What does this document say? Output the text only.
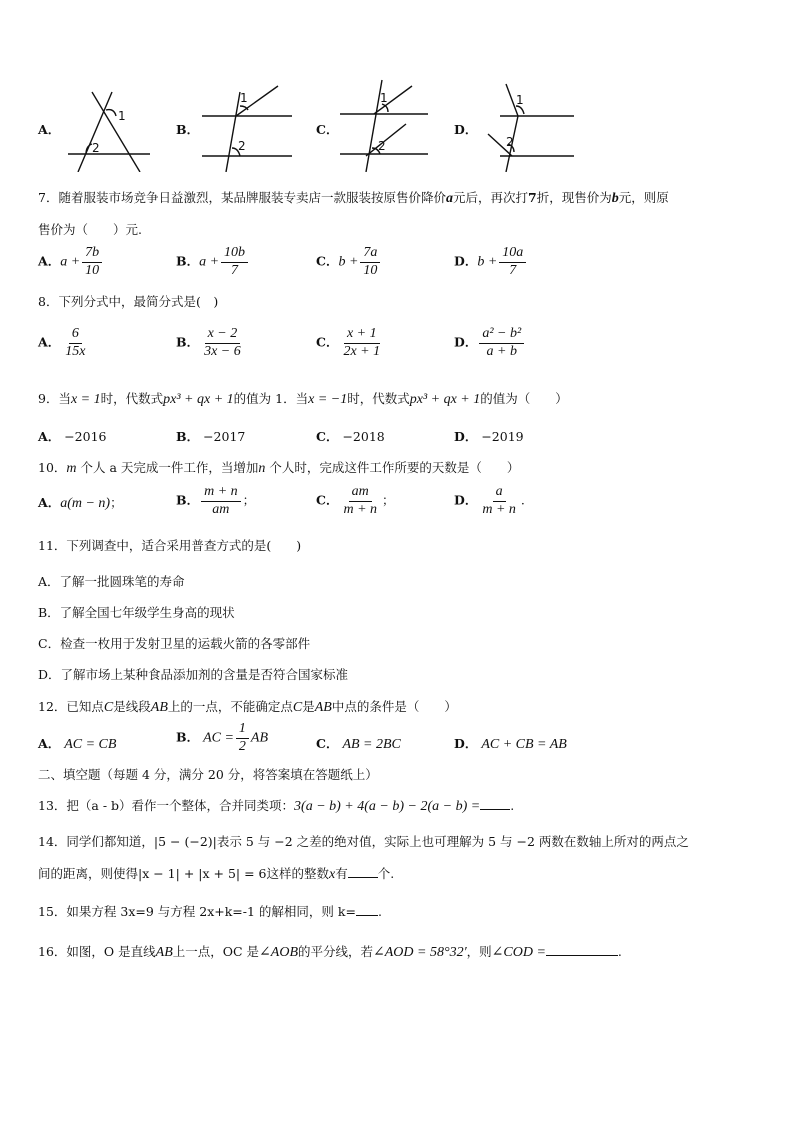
A．
1
2
B．
1
2
C．
1
2
D．
1
2
7．随着服装市场竞争日益激烈，某品牌服装专卖店一款服装按原售价降价a元后，再次打7折，现售价为b元，则原
售价为（　　）元.
A．$a + \frac{7b}{10}$	B．$a + \frac{10b}{7}$	C．$b + \frac{7a}{10}$	D．$b + \frac{10a}{7}$
8．下列分式中，最简分式是(　)
A． $\frac{6}{15x}$	B． $\frac{x - 2}{3x - 6}$	C． $\frac{x + 1}{2x + 1}$	D． $\frac{\text{a² − b²}}{a + b}$
9．当x = 1时，代数式px³ + qx + 1的值为 1．当x = −1时，代数式px³ + qx + 1的值为（　　）
A． −2016	B． −2017	C． −2018	D． −2019
10．m 个人 a 天完成一件工作，当增加n 个人时，完成这件工作所要的天数是（　　）
A．a(m − n)；	B． $\frac{m + n}{am}$ ；	C． $\frac{am}{m + n}$ ；	D． $\frac{a}{m + n}$ .
11．下列调查中，适合采用普查方式的是(　　)
A．了解一批圆珠笔的寿命
B．了解全国七年级学生身高的现状
C．检查一枚用于发射卫星的运载火箭的各零部件
D．了解市场上某种食品添加剂的含量是否符合国家标准
12．已知点C是线段AB上的一点，不能确定点C是AB中点的条件是（　　）
A． AC = CB	B． AC = $\frac{1}{2}$ AB	C． AB = 2BC	D． AC + CB = AB
二、填空题（每题 4 分，满分 20 分，将答案填在答题纸上）
13．把（a - b）看作一个整体，合并同类项：3(a − b) + 4(a − b) − 2(a − b) = .
14．同学们都知道，|5 − (−2)|表示 5 与 −2 之差的绝对值，实际上也可理解为 5 与 −2 两数在数轴上所对的两点之
间的距离，则使得|x − 1| + |x + 5| = 6这样的整数x有 个.
15．如果方程 3x=9 与方程 2x+k=-1 的解相同，则 k= .
16．如图，O 是直线AB上一点，OC 是∠AOB的平分线，若∠AOD = 58°32′，则∠COD =	.
